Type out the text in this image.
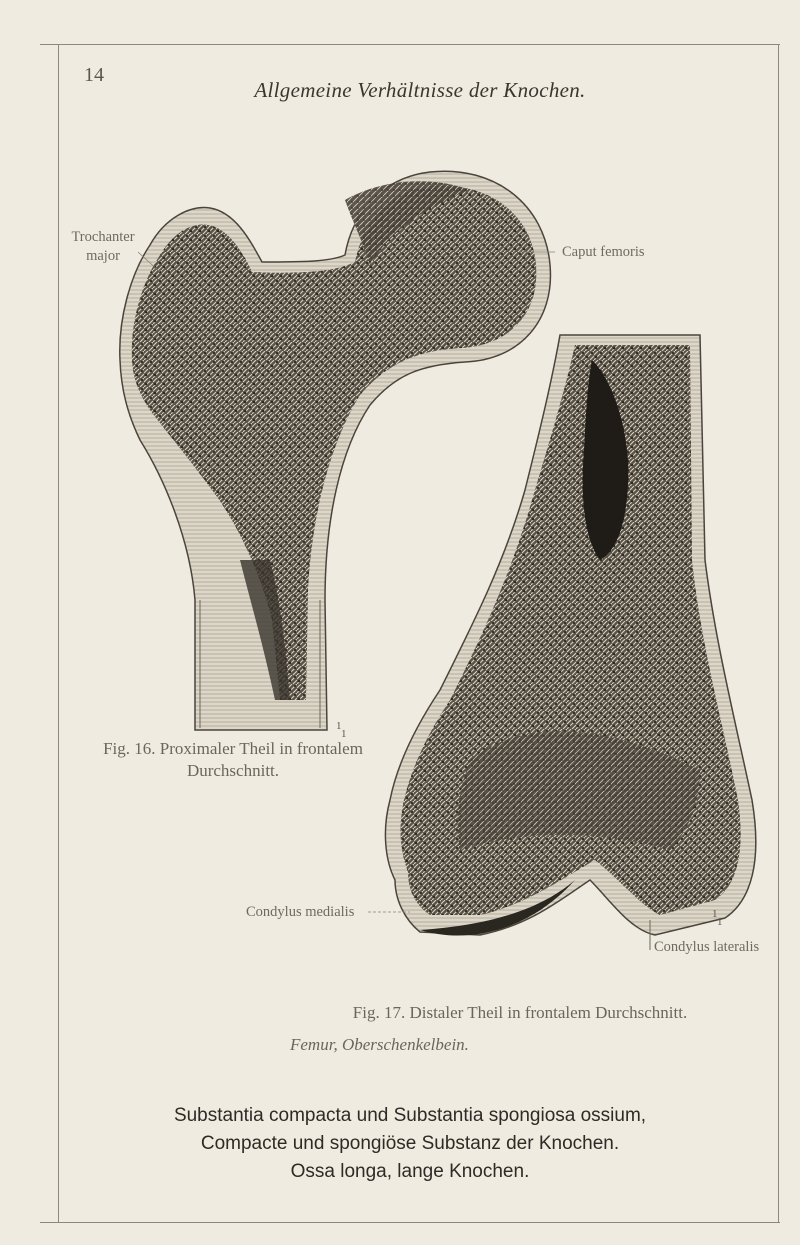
14
Allgemeine Verhältnisse der Knochen.
Trochanter
major	Caput femoris
1
1
Fig. 16. Proximaler Theil in frontalem
Durchschnitt.
Condylus medialis	1
1
Condylus lateralis
Fig. 17. Distaler Theil in frontalem Durchschnitt.
Femur, Oberschenkelbein.
Substantia compacta und Substantia spongiosa ossium,
Compacte und spongiöse Substanz der Knochen.
Ossa longa, lange Knochen.
